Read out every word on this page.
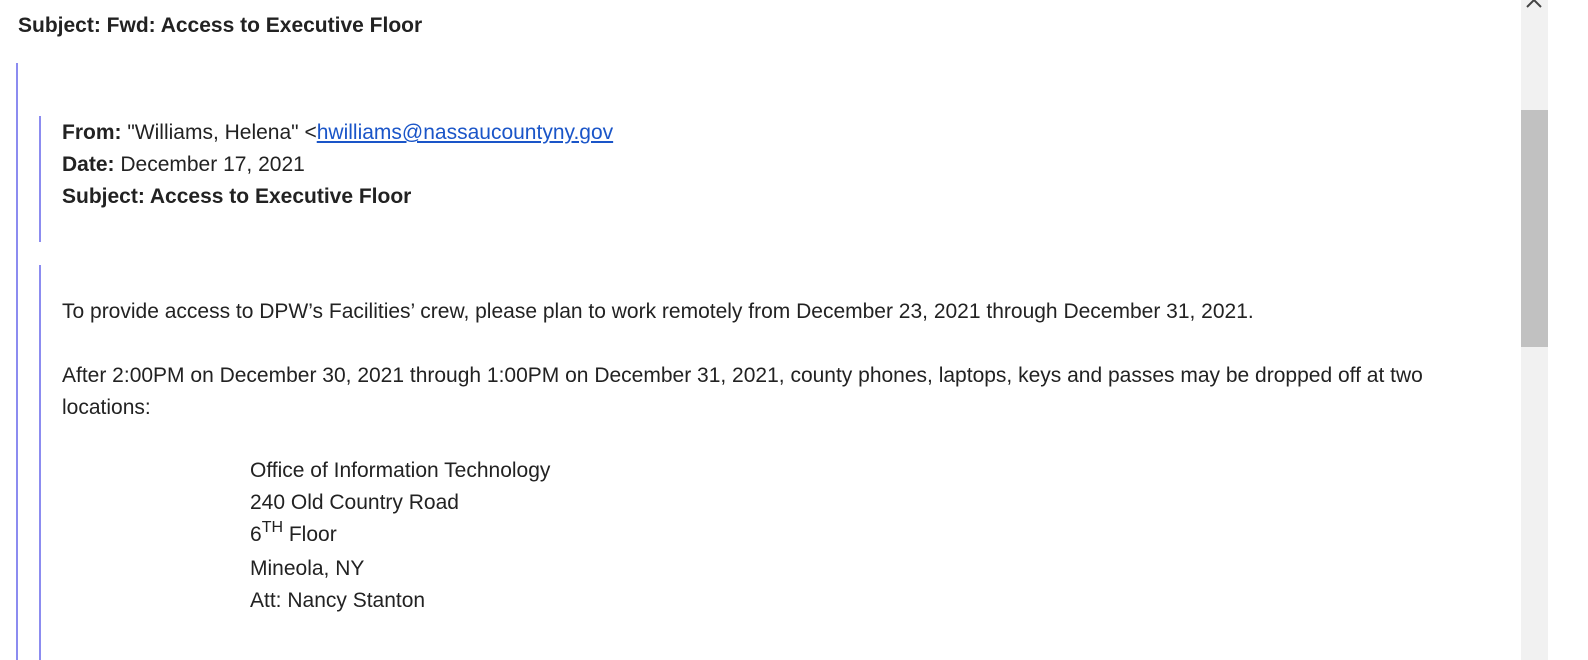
Subject: Fwd: Access to Executive Floor
From: "Williams, Helena" <hwilliams@nassaucountyny.gov
Date: December 17, 2021
Subject: Access to Executive Floor
To provide access to DPW’s Facilities’ crew, please plan to work remotely from December 23, 2021 through December 31, 2021.
After 2:00PM on December 30, 2021 through 1:00PM on December 31, 2021, county phones, laptops, keys and passes may be dropped off at two locations:
Office of Information Technology
240 Old Country Road
6TH Floor
Mineola, NY
Att: Nancy Stanton
